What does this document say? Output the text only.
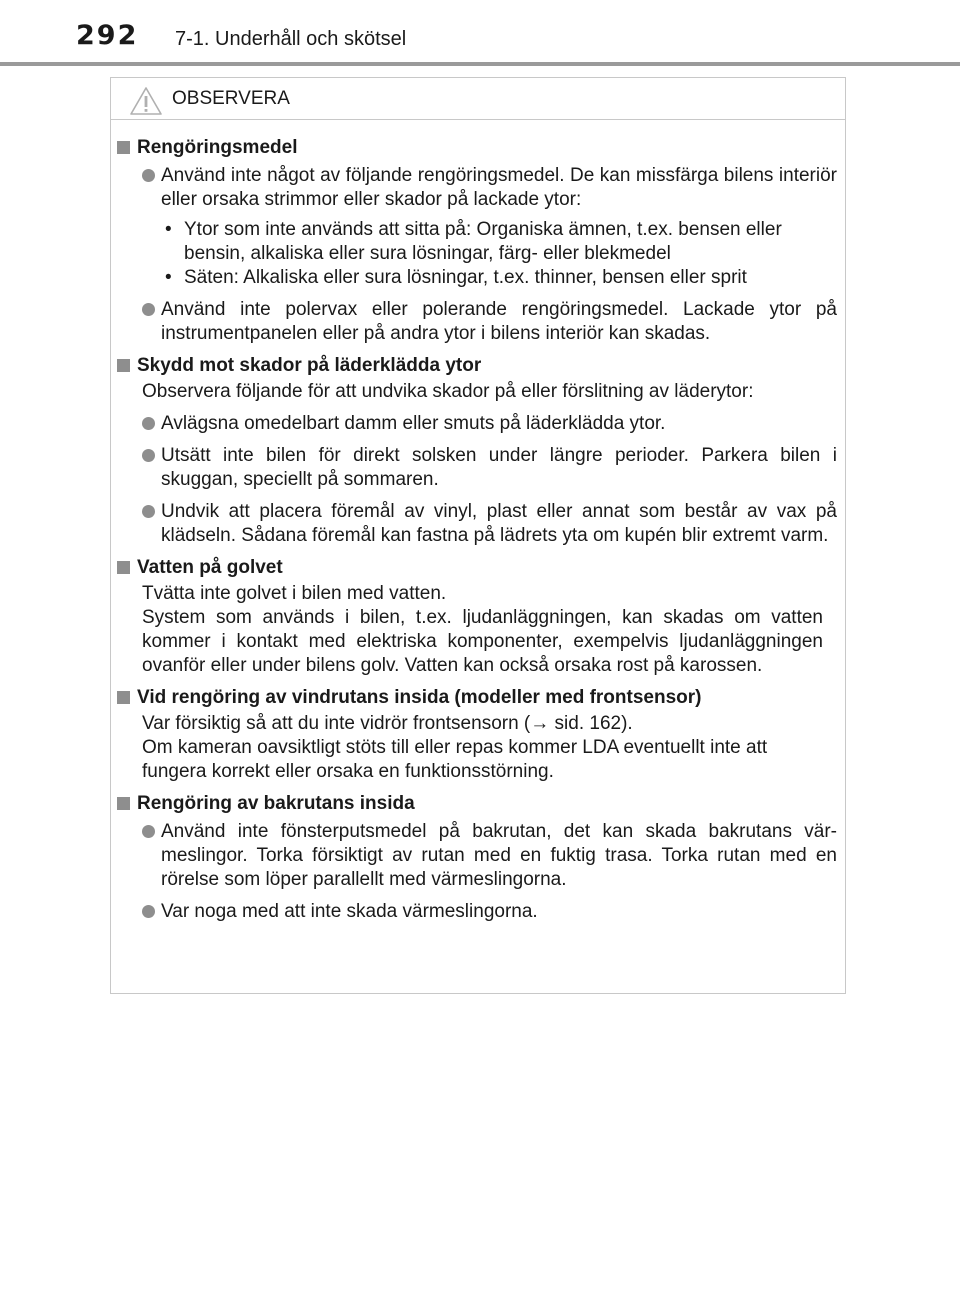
292 7-1. Underhåll och skötsel
OBSERVERA
Rengöringsmedel
Använd inte något av följande rengöringsmedel. De kan missfärga bilens interiör eller orsaka strimmor eller skador på lackade ytor:
• Ytor som inte används att sitta på: Organiska ämnen, t.ex. bensen eller bensin, alkaliska eller sura lösningar, färg- eller blekmedel
• Säten: Alkaliska eller sura lösningar, t.ex. thinner, bensen eller sprit
Använd inte polervax eller polerande rengöringsmedel. Lackade ytor på instrumentpanelen eller på andra ytor i bilens interiör kan skadas.
Skydd mot skador på läderklädda ytor
Observera följande för att undvika skador på eller förslitning av läderytor:
Avlägsna omedelbart damm eller smuts på läderklädda ytor.
Utsätt inte bilen för direkt solsken under längre perioder. Parkera bilen i skuggan, speciellt på sommaren.
Undvik att placera föremål av vinyl, plast eller annat som består av vax på klädseln. Sådana föremål kan fastna på lädrets yta om kupén blir extremt varm.
Vatten på golvet
Tvätta inte golvet i bilen med vatten.
System som används i bilen, t.ex. ljudanläggningen, kan skadas om vatten kommer i kontakt med elektriska komponenter, exempelvis ljudanläggningen ovanför eller under bilens golv. Vatten kan också orsaka rost på karossen.
Vid rengöring av vindrutans insida (modeller med frontsensor)
Var försiktig så att du inte vidrör frontsensorn (→ sid. 162).
Om kameran oavsiktligt stöts till eller repas kommer LDA eventuellt inte att fungera korrekt eller orsaka en funktionsstörning.
Rengöring av bakrutans insida
Använd inte fönsterputsmedel på bakrutan, det kan skada bakrutans värmeslingor. Torka försiktigt av rutan med en fuktig trasa. Torka rutan med en rörelse som löper parallellt med värmeslingorna.
Var noga med att inte skada värmeslingorna.
